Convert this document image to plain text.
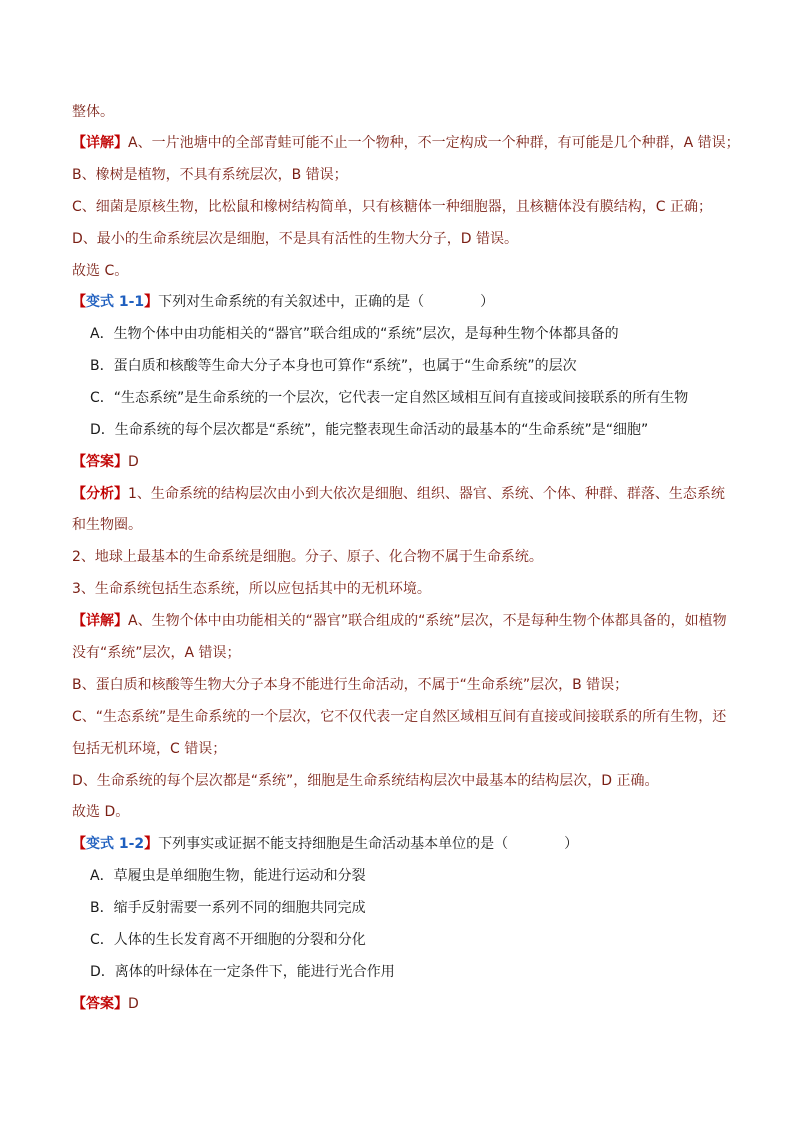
整体。
【详解】A、一片池塘中的全部青蛙可能不止一个物种，不一定构成一个种群，有可能是几个种群，A 错误；
B、橡树是植物，不具有系统层次，B 错误；
C、细菌是原核生物，比松鼠和橡树结构简单，只有核糖体一种细胞器，且核糖体没有膜结构，C 正确；
D、最小的生命系统层次是细胞，不是具有活性的生物大分子，D 错误。
故选 C。
【变式 1-1】下列对生命系统的有关叙述中，正确的是（　　　　）
A．生物个体中由功能相关的“器官”联合组成的“系统”层次，是每种生物个体都具备的
B．蛋白质和核酸等生命大分子本身也可算作“系统”，也属于“生命系统”的层次
C．“生态系统”是生命系统的一个层次，它代表一定自然区域相互间有直接或间接联系的所有生物
D．生命系统的每个层次都是“系统”，能完整表现生命活动的最基本的“生命系统”是“细胞”
【答案】D
【分析】1、生命系统的结构层次由小到大依次是细胞、组织、器官、系统、个体、种群、群落、生态系统
和生物圈。
2、地球上最基本的生命系统是细胞。分子、原子、化合物不属于生命系统。
3、生命系统包括生态系统，所以应包括其中的无机环境。
【详解】A、生物个体中由功能相关的“器官”联合组成的“系统”层次，不是每种生物个体都具备的，如植物
没有“系统”层次，A 错误；
B、蛋白质和核酸等生物大分子本身不能进行生命活动，不属于“生命系统”层次，B 错误；
C、“生态系统”是生命系统的一个层次，它不仅代表一定自然区域相互间有直接或间接联系的所有生物，还
包括无机环境，C 错误；
D、生命系统的每个层次都是“系统”，细胞是生命系统结构层次中最基本的结构层次，D 正确。
故选 D。
【变式 1-2】下列事实或证据不能支持细胞是生命活动基本单位的是（　　　　）
A．草履虫是单细胞生物，能进行运动和分裂
B．缩手反射需要一系列不同的细胞共同完成
C．人体的生长发育离不开细胞的分裂和分化
D．离体的叶绿体在一定条件下，能进行光合作用
【答案】D
